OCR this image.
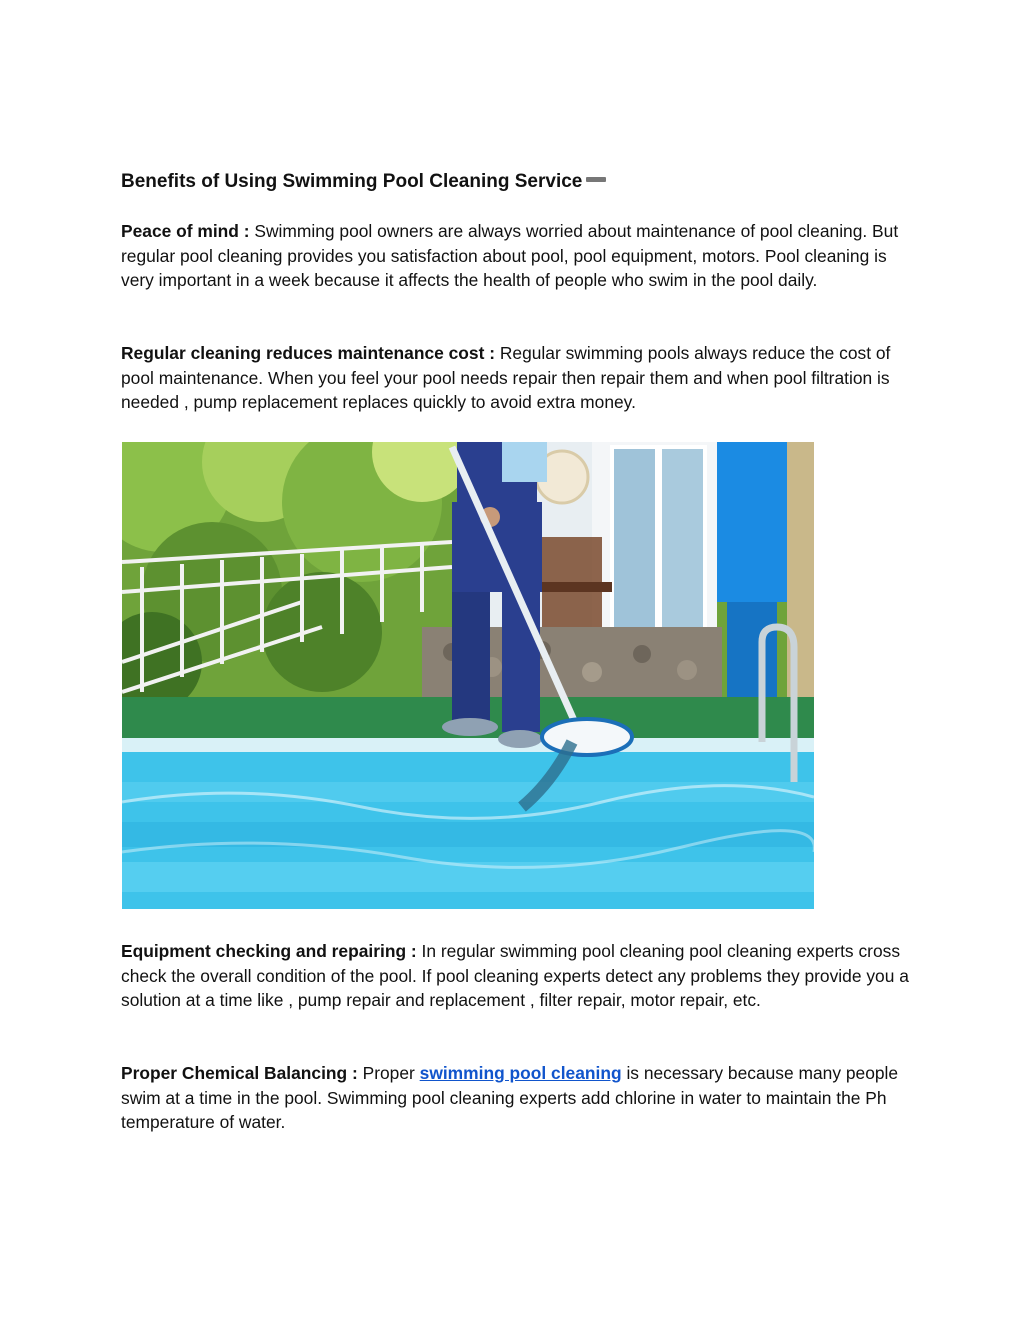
Benefits of Using Swimming Pool Cleaning Service

Peace of mind : Swimming pool owners are always worried about maintenance of pool cleaning. But regular pool cleaning provides you satisfaction about pool, pool equipment, motors. Pool cleaning is very important in a week because it affects the health of people who swim in the pool daily.

Regular cleaning reduces maintenance cost : Regular swimming pools always reduce the cost of pool maintenance. When you feel your pool needs repair then repair them and when pool filtration is needed , pump replacement replaces quickly to avoid extra money.

Equipment checking and repairing : In regular swimming pool cleaning pool cleaning experts cross check the overall condition of the pool. If pool cleaning experts detect any problems they provide you a solution at a time like , pump repair and replacement , filter repair, motor repair, etc.

Proper Chemical Balancing : Proper swimming pool cleaning is necessary because many people swim at a time in the pool. Swimming pool cleaning experts add chlorine in water to maintain the Ph temperature of water.
